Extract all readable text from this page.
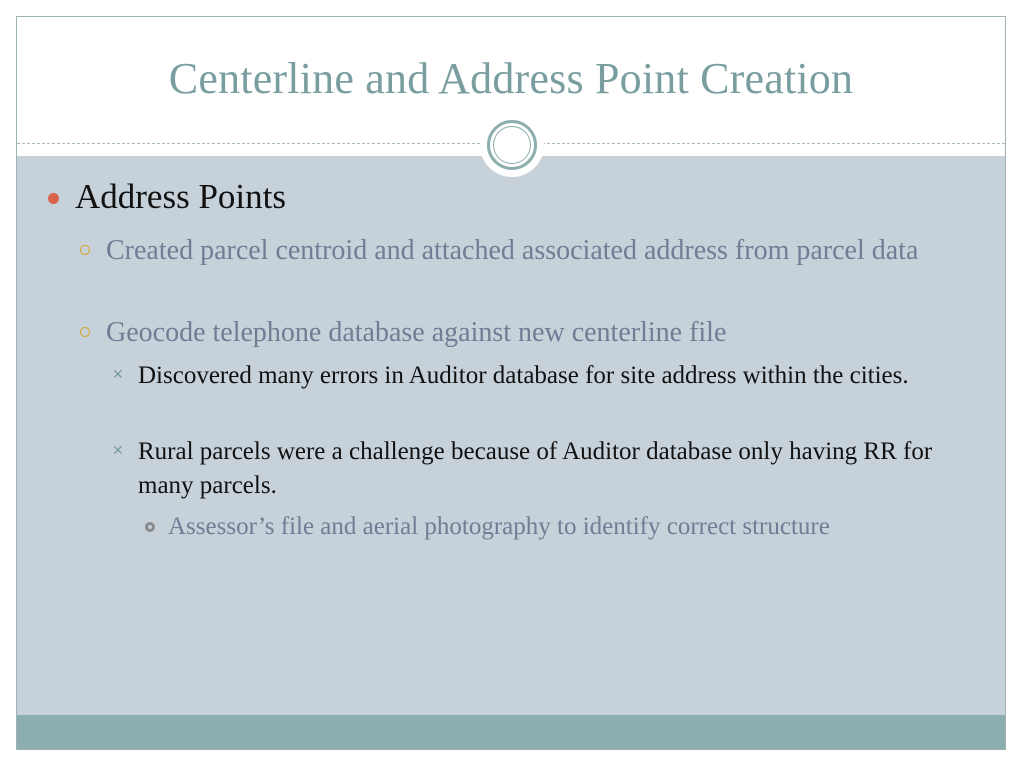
Centerline and Address Point Creation
Address Points
Created parcel centroid and attached associated address from parcel data
Geocode telephone database against new centerline file
✕ Discovered many errors in Auditor database for site address within the cities.
✕ Rural parcels were a challenge because of Auditor database only having RR for many parcels.
Assessor’s file and aerial photography to identify correct structure
